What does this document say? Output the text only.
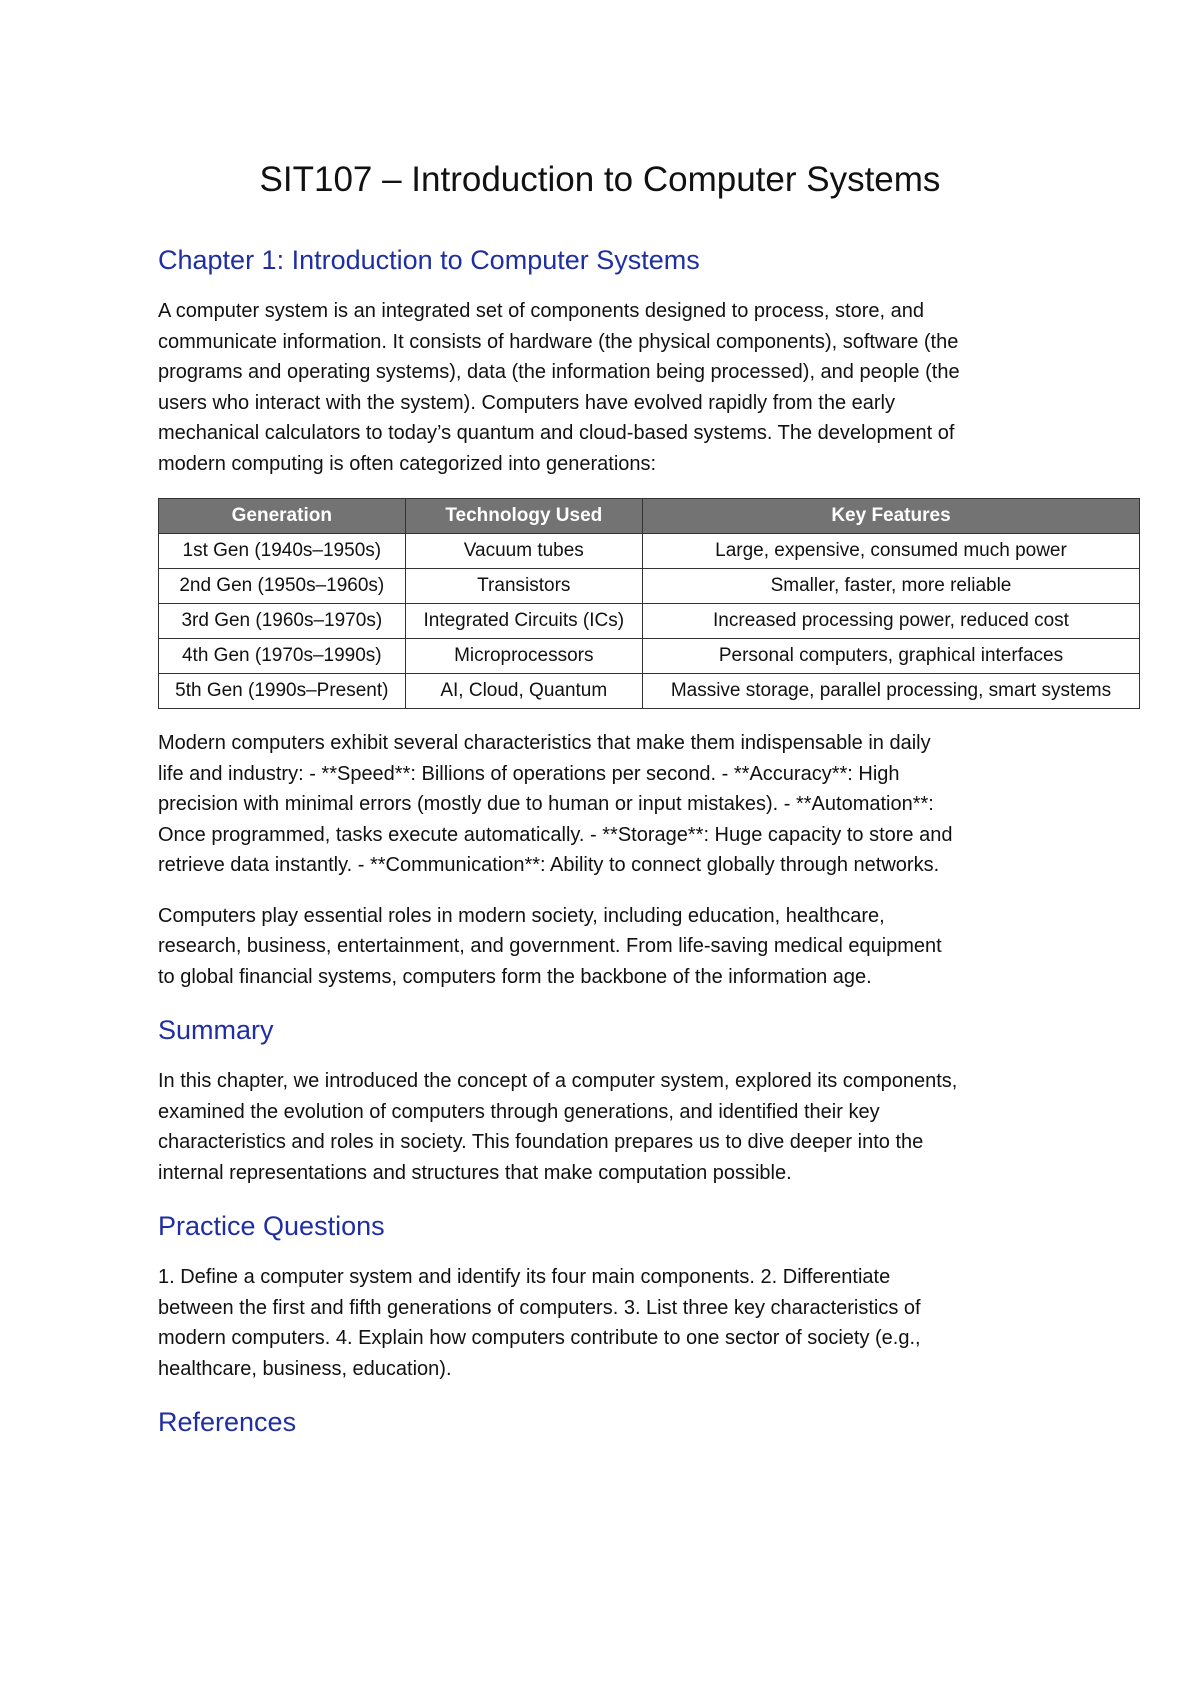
SIT107 – Introduction to Computer Systems
Chapter 1: Introduction to Computer Systems

A computer system is an integrated set of components designed to process, store, and
communicate information. It consists of hardware (the physical components), software (the
programs and operating systems), data (the information being processed), and people (the
users who interact with the system). Computers have evolved rapidly from the early
mechanical calculators to today’s quantum and cloud-based systems. The development of
modern computing is often categorized into generations:

Generation	Technology Used	Key Features
1st Gen (1940s–1950s)	Vacuum tubes	Large, expensive, consumed much power
2nd Gen (1950s–1960s)	Transistors	Smaller, faster, more reliable
3rd Gen (1960s–1970s)	Integrated Circuits (ICs)	Increased processing power, reduced cost
4th Gen (1970s–1990s)	Microprocessors	Personal computers, graphical interfaces
5th Gen (1990s–Present)	AI, Cloud, Quantum	Massive storage, parallel processing, smart systems

Modern computers exhibit several characteristics that make them indispensable in daily
life and industry: - **Speed**: Billions of operations per second. - **Accuracy**: High
precision with minimal errors (mostly due to human or input mistakes). - **Automation**:
Once programmed, tasks execute automatically. - **Storage**: Huge capacity to store and
retrieve data instantly. - **Communication**: Ability to connect globally through networks.

Computers play essential roles in modern society, including education, healthcare,
research, business, entertainment, and government. From life-saving medical equipment
to global financial systems, computers form the backbone of the information age.

Summary

In this chapter, we introduced the concept of a computer system, explored its components,
examined the evolution of computers through generations, and identified their key
characteristics and roles in society. This foundation prepares us to dive deeper into the
internal representations and structures that make computation possible.

Practice Questions

1. Define a computer system and identify its four main components. 2. Differentiate
between the first and fifth generations of computers. 3. List three key characteristics of
modern computers. 4. Explain how computers contribute to one sector of society (e.g.,
healthcare, business, education).

References
